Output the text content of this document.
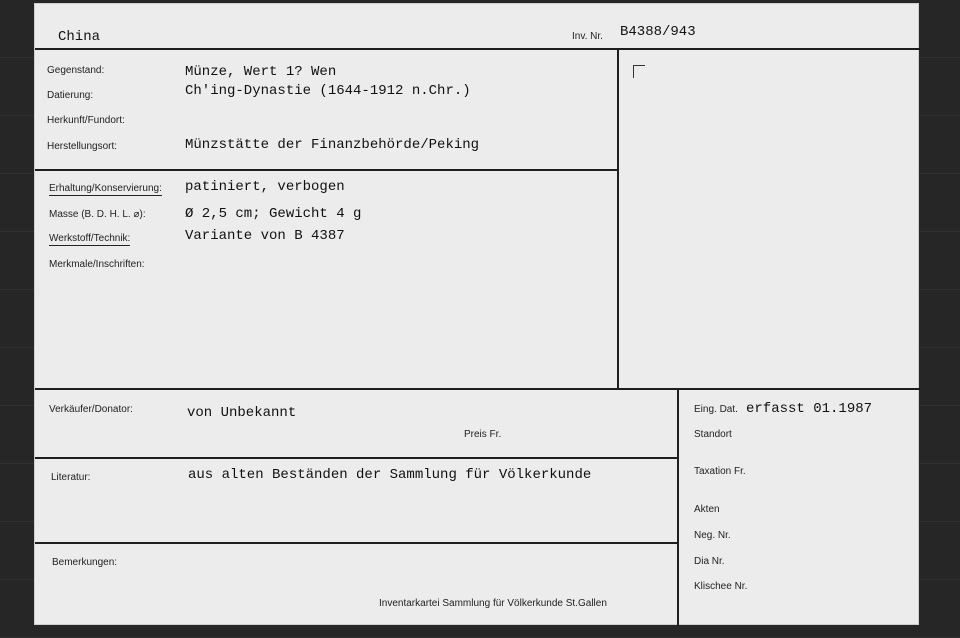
China	Inv. Nr. B4388/943
Gegenstand:	Münze, Wert 1? Wen
Datierung:	Ch'ing-Dynastie (1644-1912 n.Chr.)
Herkunft/Fundort:
Herstellungsort:	Münzstätte der Finanzbehörde/Peking
Erhaltung/Konservierung: patiniert, verbogen
Masse (B. D. H. L. ⌀):	Ø 2,5 cm; Gewicht 4 g
Werkstoff/Technik:	Variante von B 4387
Merkmale/Inschriften:
Verkäufer/Donator:	von Unbekannt
Preis Fr.
Literatur:	aus alten Beständen der Sammlung für Völkerkunde
Bemerkungen:
Inventarkartei Sammlung für Völkerkunde St.Gallen
Eing. Dat. erfasst 01.1987
Standort
Taxation Fr.
Akten
Neg. Nr.
Dia Nr.
Klischee Nr.
